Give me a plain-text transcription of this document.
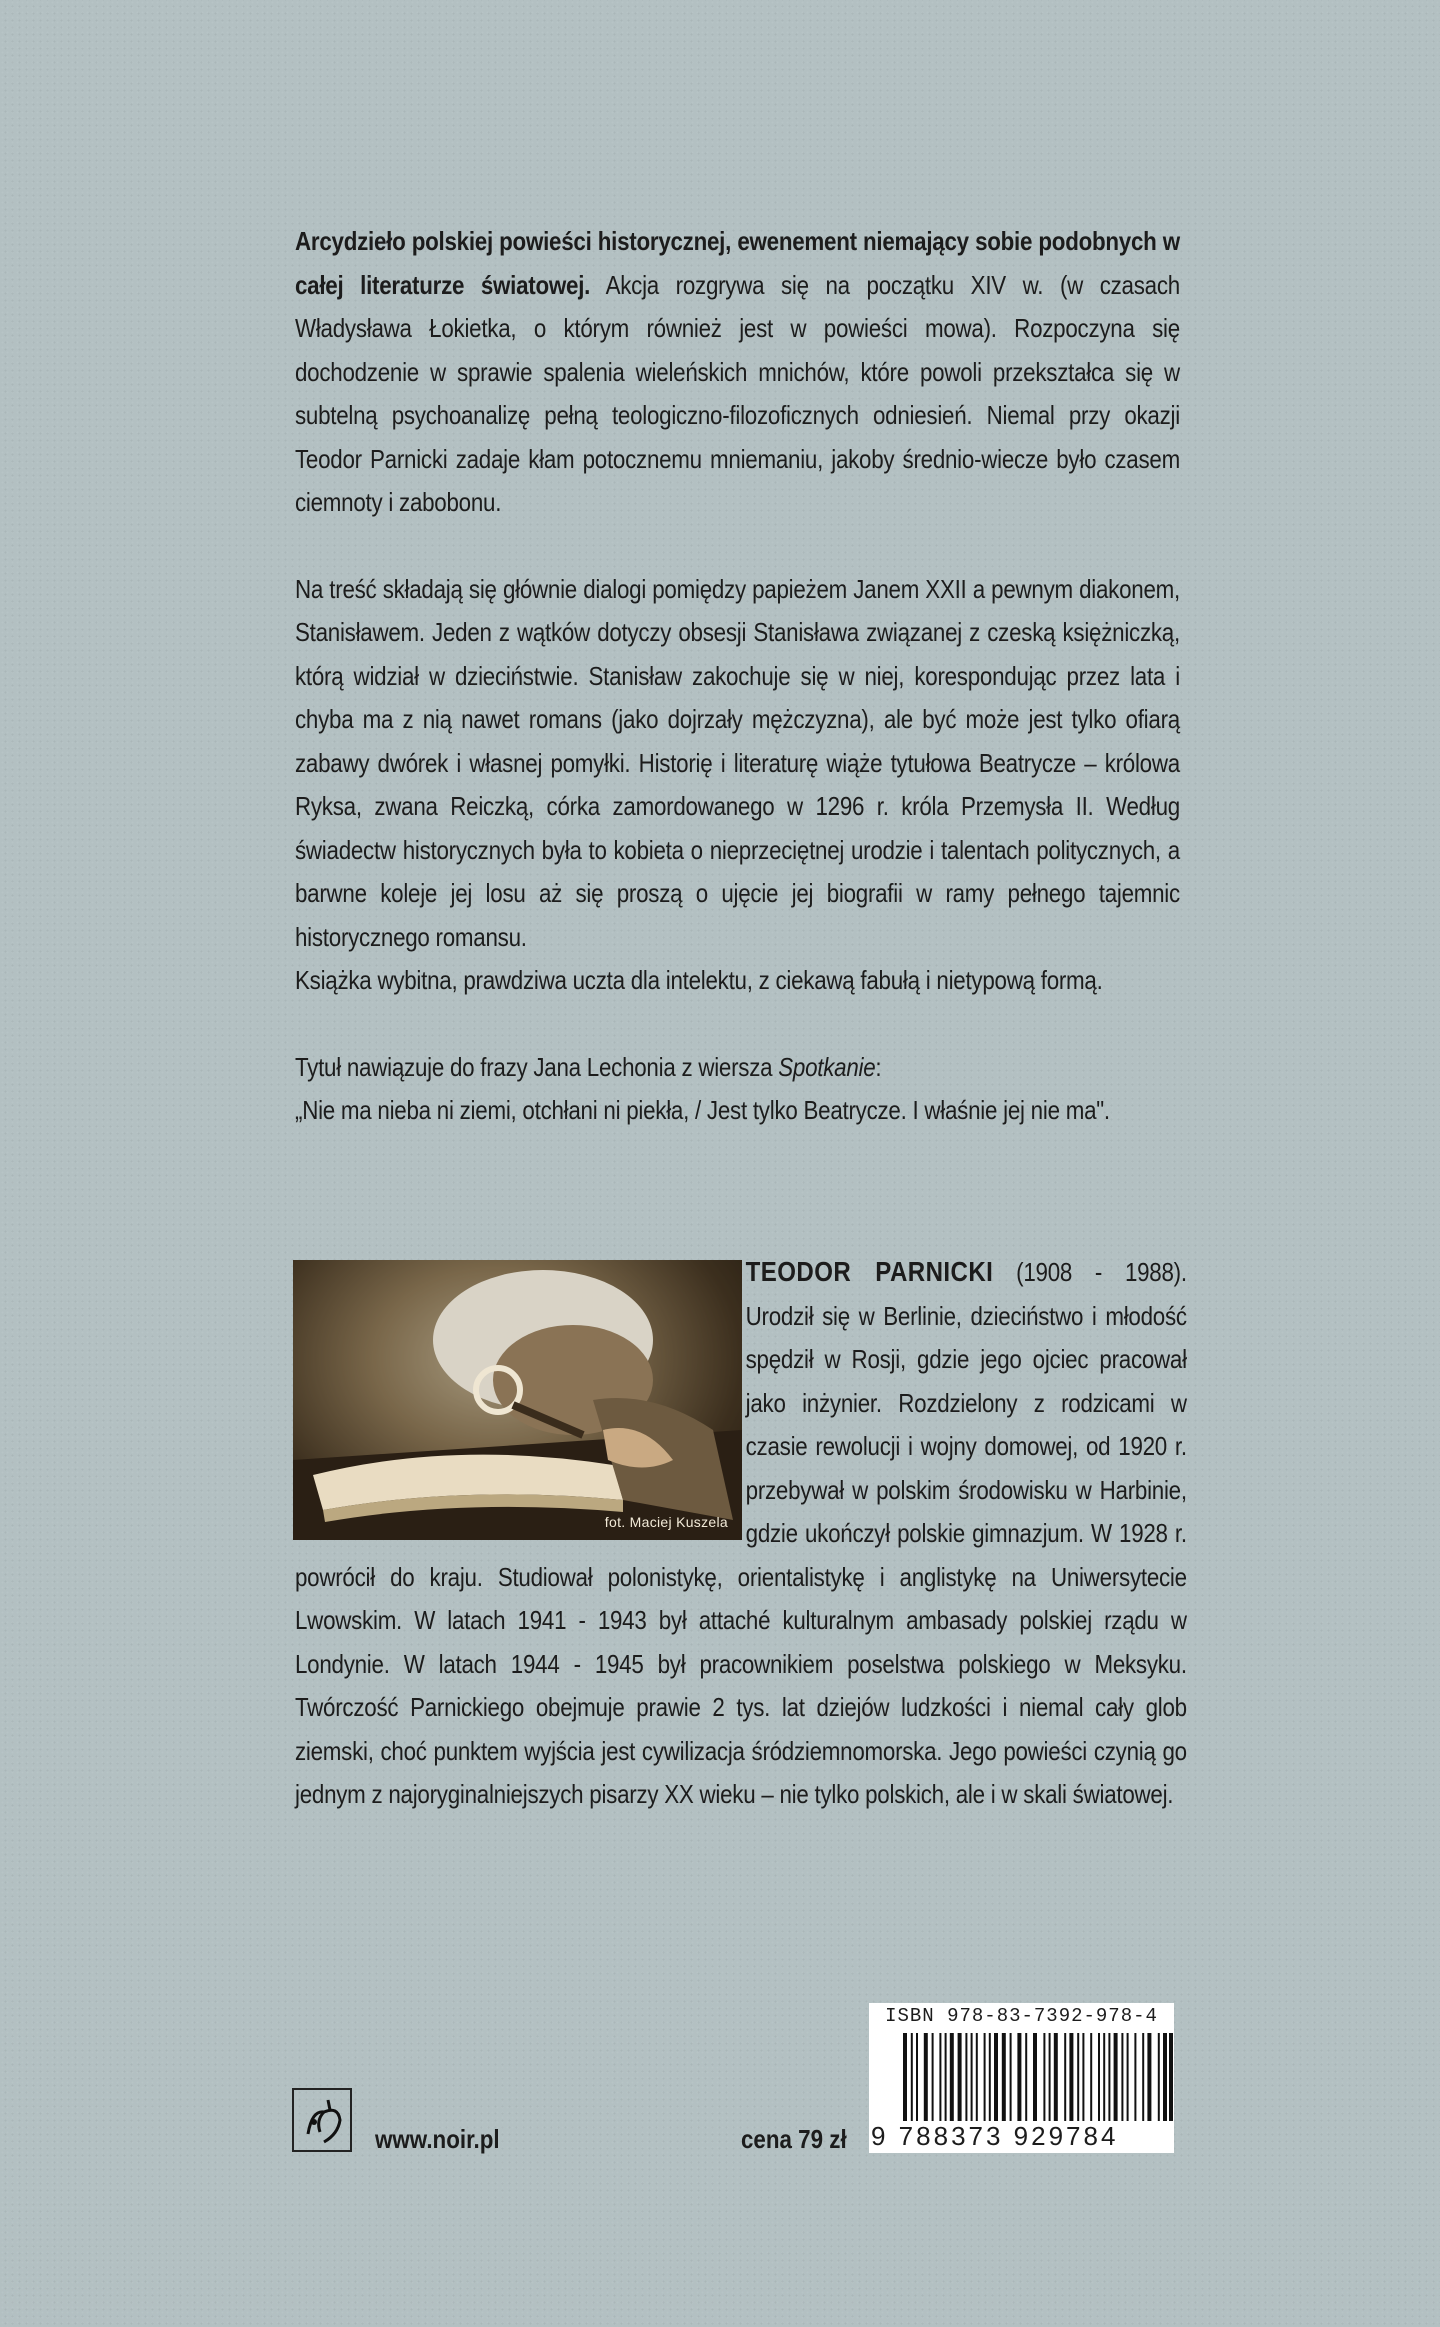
Arcydzieło polskiej powieści historycznej, ewenement niemający sobie podobnych w całej literaturze światowej. Akcja rozgrywa się na początku XIV w. (w czasach Władysława Łokietka, o którym również jest w powieści mowa). Rozpoczyna się dochodzenie w sprawie spalenia wieleńskich mnichów, które powoli przekształca się w subtelną psychoanalizę pełną teologiczno-filozoficznych odniesień. Niemal przy okazji Teodor Parnicki zadaje kłam potocznemu mniemaniu, jakoby średnio-wiecze było czasem ciemnoty i zabobonu.

Na treść składają się głównie dialogi pomiędzy papieżem Janem XXII a pewnym diakonem, Stanisławem. Jeden z wątków dotyczy obsesji Stanisława związanej z czeską księżniczką, którą widział w dzieciństwie. Stanisław zakochuje się w niej, korespondując przez lata i chyba ma z nią nawet romans (jako dojrzały mężczyzna), ale być może jest tylko ofiarą zabawy dwórek i własnej pomyłki. Historię i literaturę wiąże tytułowa Beatrycze – królowa Ryksa, zwana Reiczką, córka zamordowanego w 1296 r. króla Przemysła II. Według świadectw historycznych była to kobieta o nieprzeciętnej urodzie i talentach politycznych, a barwne koleje jej losu aż się proszą o ujęcie jej biografii w ramy pełnego tajemnic historycznego romansu.

Książka wybitna, prawdziwa uczta dla intelektu, z ciekawą fabułą i nietypową formą.

Tytuł nawiązuje do frazy Jana Lechonia z wiersza Spotkanie:

„Nie ma nieba ni ziemi, otchłani ni piekła, / Jest tylko Beatrycze. I właśnie jej nie ma".

TEODOR PARNICKI (1908 - 1988). Urodził się w Berlinie, dzieciństwo i młodość spędził w Rosji, gdzie jego ojciec pracował jako inżynier. Rozdzielony z rodzicami w czasie rewolucji i wojny domowej, od 1920 r. przebywał w polskim środowisku w Harbinie, gdzie ukończył polskie gimnazjum. W 1928 r. powrócił do kraju. Studiował polonistykę, orientalistykę i anglistykę na Uniwersytecie Lwowskim. W latach 1941 - 1943 był attaché kulturalnym ambasady polskiej rządu w Londynie. W latach 1944 - 1945 był pracownikiem poselstwa polskiego w Meksyku. Twórczość Parnickiego obejmuje prawie 2 tys. lat dziejów ludzkości i niemal cały glob ziemski, choć punktem wyjścia jest cywilizacja śródziemnomorska. Jego powieści czynią go jednym z najoryginalniejszych pisarzy XX wieku – nie tylko polskich, ale i w skali światowej.
fot. Maciej Kuszela
www.noir.pl	cena 79 zł
ISBN 978-83-7392-978-4
9 788373 929784
